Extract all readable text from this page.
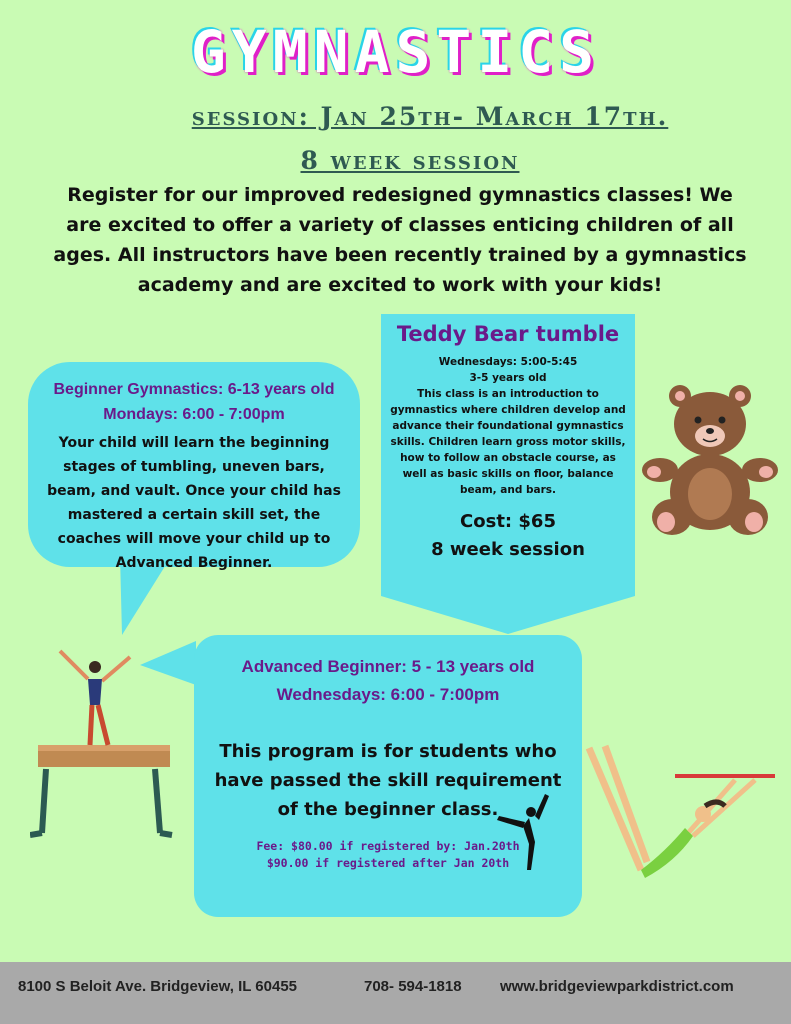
GYMNASTICS
session: Jan 25th- March 17th.
8 week session
Register for our improved redesigned gymnastics classes! We are excited to offer a variety of classes enticing children of all ages. All instructors have been recently trained by a gymnastics academy and are excited to work with your kids!
Beginner Gymnastics: 6-13 years old
Mondays: 6:00 - 7:00pm
Your child will learn the beginning stages of tumbling, uneven bars, beam, and vault. Once your child has mastered a certain skill set, the coaches will move your child up to Advanced Beginner.
Teddy Bear tumble
Wednesdays: 5:00-5:45
3-5 years old
This class is an introduction to gymnastics where children develop and advance their foundational gymnastics skills. Children learn gross motor skills, how to follow an obstacle course, as well as basic skills on floor, balance beam, and bars.
Cost: $65
8 week session
Advanced Beginner: 5 - 13 years old
Wednesdays: 6:00 - 7:00pm
This program is for students who have passed the skill requirement of the beginner class.
Fee: $80.00 if registered by: Jan.20th
$90.00 if registered after Jan 20th
8100 S Beloit Ave. Bridgeview, IL 60455	708- 594-1818	www.bridgeviewparkdistrict.com
